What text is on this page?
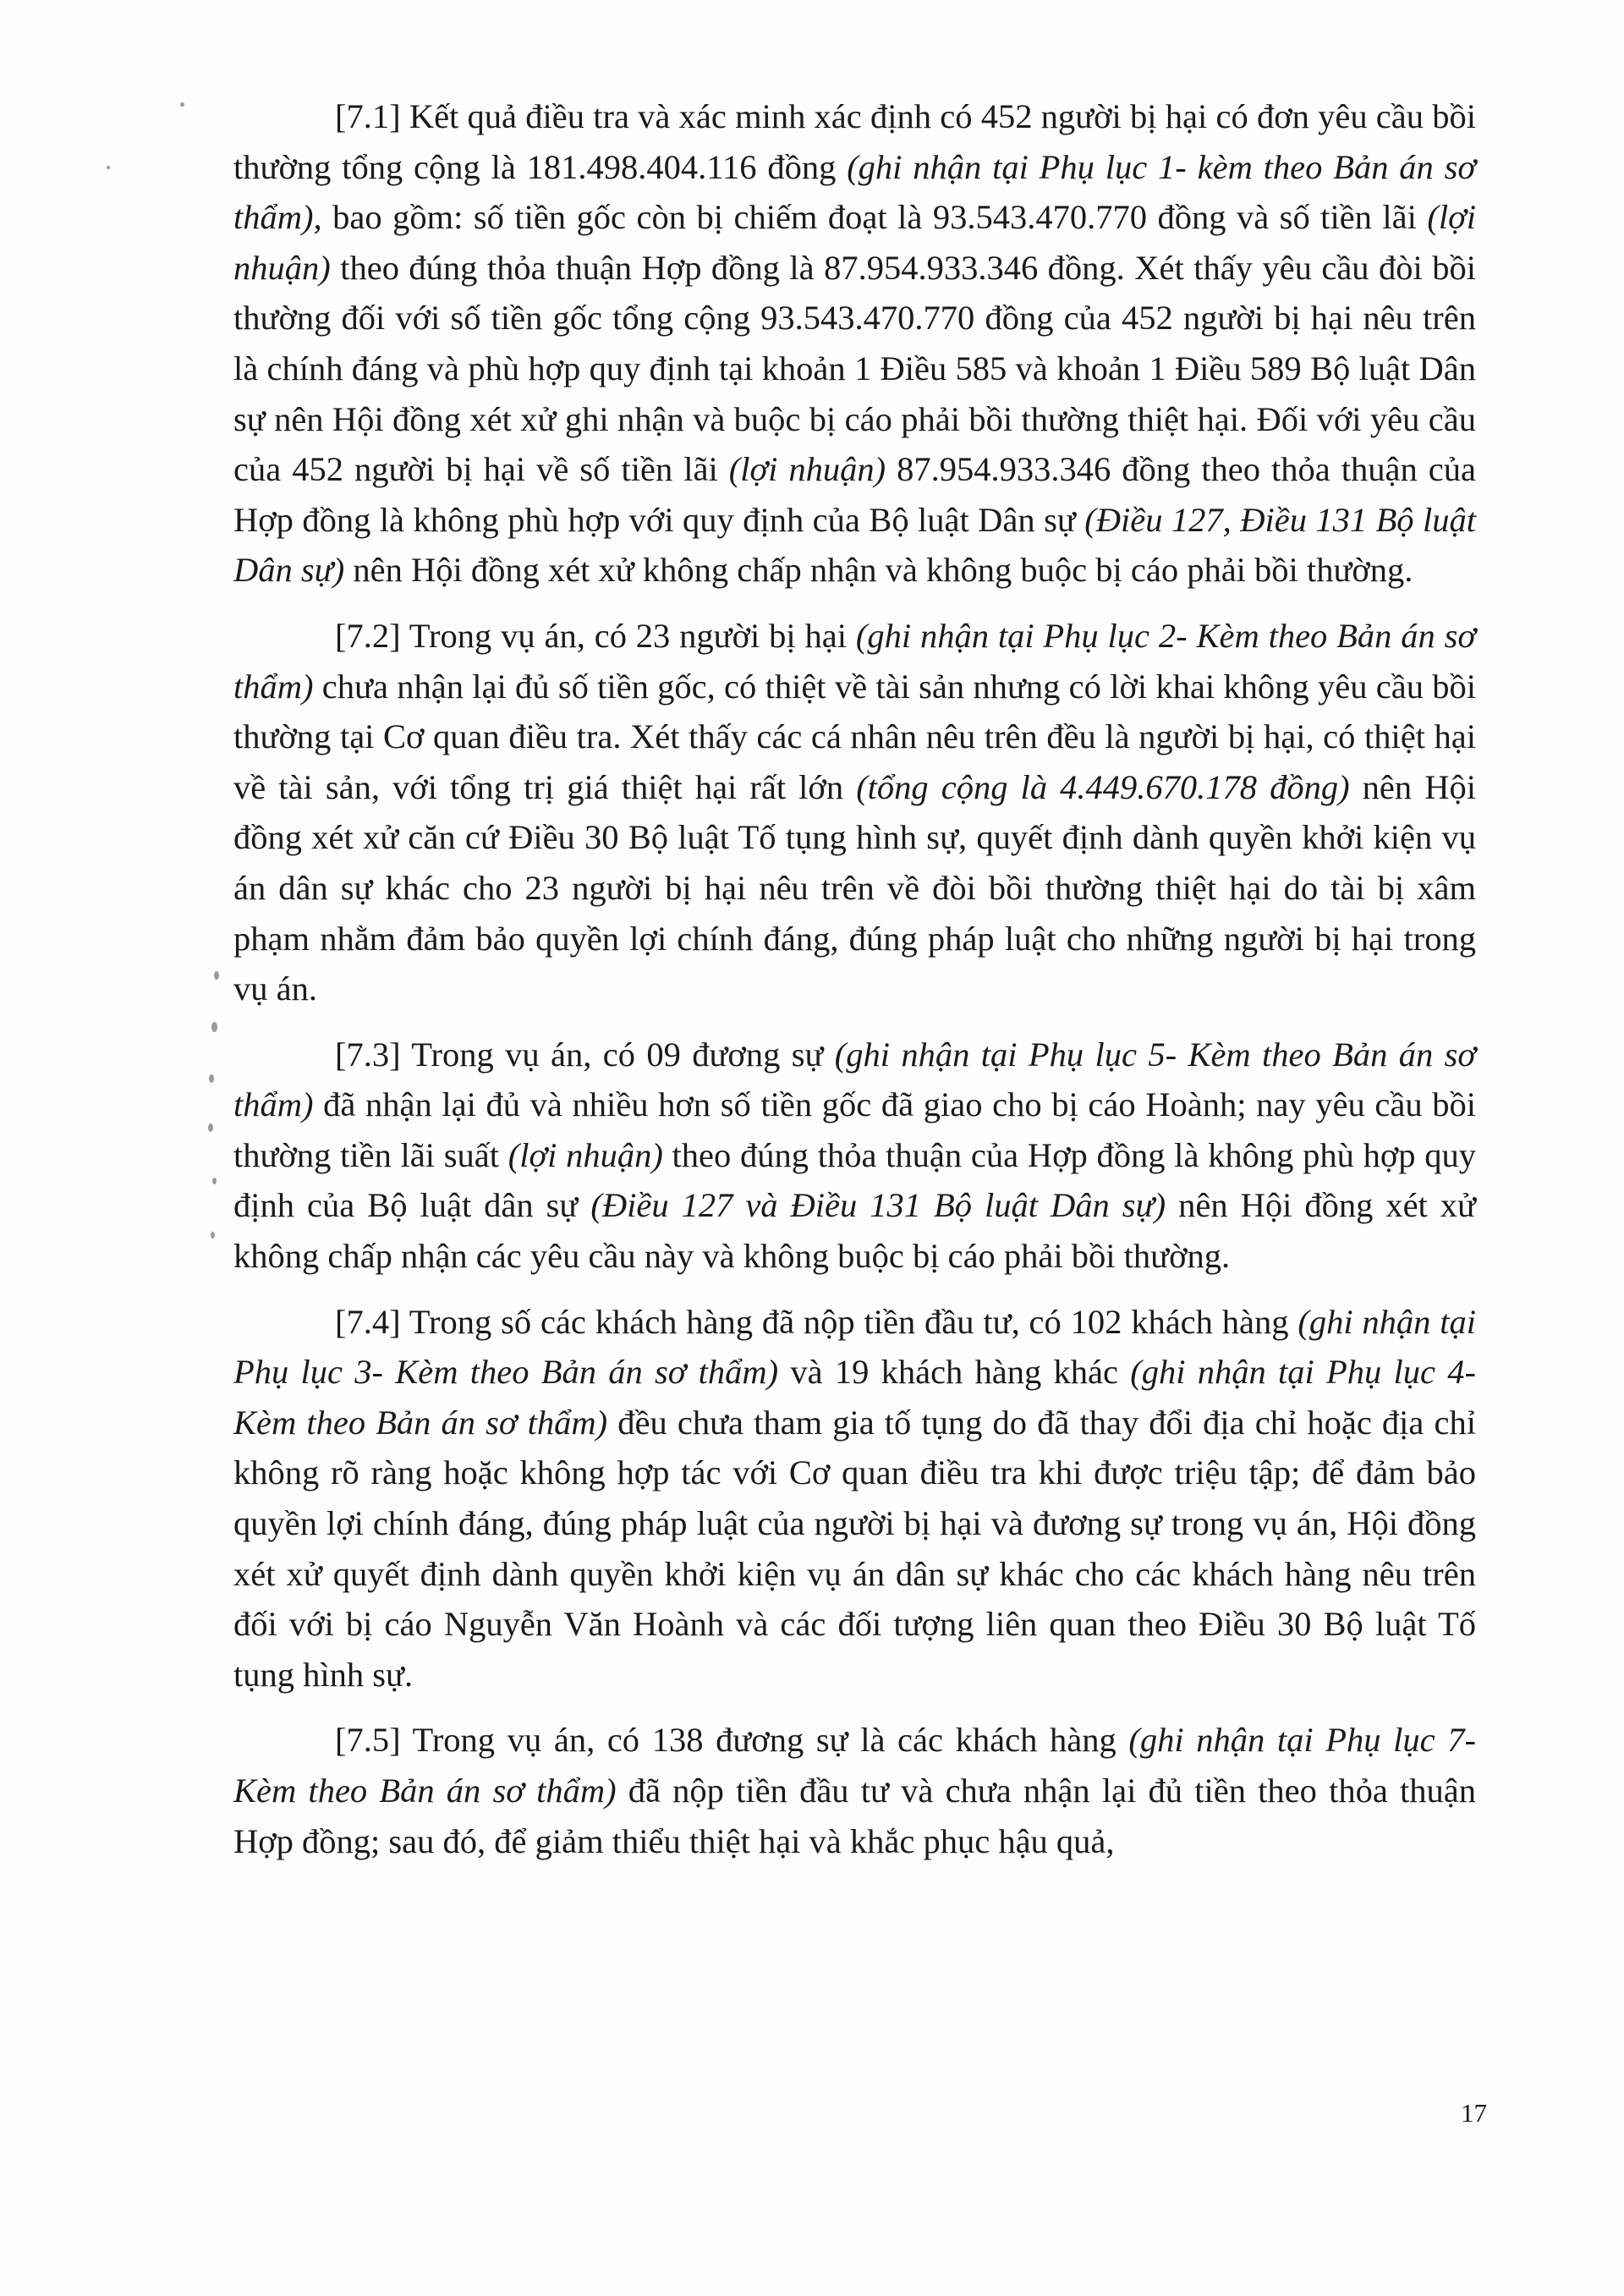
[7.1] Kết quả điều tra và xác minh xác định có 452 người bị hại có đơn yêu cầu bồi thường tổng cộng là 181.498.404.116 đồng (ghi nhận tại Phụ lục 1- kèm theo Bản án sơ thẩm), bao gồm: số tiền gốc còn bị chiếm đoạt là 93.543.470.770 đồng và số tiền lãi (lợi nhuận) theo đúng thỏa thuận Hợp đồng là 87.954.933.346 đồng. Xét thấy yêu cầu đòi bồi thường đối với số tiền gốc tổng cộng 93.543.470.770 đồng của 452 người bị hại nêu trên là chính đáng và phù hợp quy định tại khoản 1 Điều 585 và khoản 1 Điều 589 Bộ luật Dân sự nên Hội đồng xét xử ghi nhận và buộc bị cáo phải bồi thường thiệt hại. Đối với yêu cầu của 452 người bị hại về số tiền lãi (lợi nhuận) 87.954.933.346 đồng theo thỏa thuận của Hợp đồng là không phù hợp với quy định của Bộ luật Dân sự (Điều 127, Điều 131 Bộ luật Dân sự) nên Hội đồng xét xử không chấp nhận và không buộc bị cáo phải bồi thường.

[7.2] Trong vụ án, có 23 người bị hại (ghi nhận tại Phụ lục 2- Kèm theo Bản án sơ thẩm) chưa nhận lại đủ số tiền gốc, có thiệt về tài sản nhưng có lời khai không yêu cầu bồi thường tại Cơ quan điều tra. Xét thấy các cá nhân nêu trên đều là người bị hại, có thiệt hại về tài sản, với tổng trị giá thiệt hại rất lớn (tổng cộng là 4.449.670.178 đồng) nên Hội đồng xét xử căn cứ Điều 30 Bộ luật Tố tụng hình sự, quyết định dành quyền khởi kiện vụ án dân sự khác cho 23 người bị hại nêu trên về đòi bồi thường thiệt hại do tài bị xâm phạm nhằm đảm bảo quyền lợi chính đáng, đúng pháp luật cho những người bị hại trong vụ án.

[7.3] Trong vụ án, có 09 đương sự (ghi nhận tại Phụ lục 5- Kèm theo Bản án sơ thẩm) đã nhận lại đủ và nhiều hơn số tiền gốc đã giao cho bị cáo Hoành; nay yêu cầu bồi thường tiền lãi suất (lợi nhuận) theo đúng thỏa thuận của Hợp đồng là không phù hợp quy định của Bộ luật dân sự (Điều 127 và Điều 131 Bộ luật Dân sự) nên Hội đồng xét xử không chấp nhận các yêu cầu này và không buộc bị cáo phải bồi thường.

[7.4] Trong số các khách hàng đã nộp tiền đầu tư, có 102 khách hàng (ghi nhận tại Phụ lục 3- Kèm theo Bản án sơ thẩm) và 19 khách hàng khác (ghi nhận tại Phụ lục 4- Kèm theo Bản án sơ thẩm) đều chưa tham gia tố tụng do đã thay đổi địa chỉ hoặc địa chỉ không rõ ràng hoặc không hợp tác với Cơ quan điều tra khi được triệu tập; để đảm bảo quyền lợi chính đáng, đúng pháp luật của người bị hại và đương sự trong vụ án, Hội đồng xét xử quyết định dành quyền khởi kiện vụ án dân sự khác cho các khách hàng nêu trên đối với bị cáo Nguyễn Văn Hoành và các đối tượng liên quan theo Điều 30 Bộ luật Tố tụng hình sự.

[7.5] Trong vụ án, có 138 đương sự là các khách hàng (ghi nhận tại Phụ lục 7- Kèm theo Bản án sơ thẩm) đã nộp tiền đầu tư và chưa nhận lại đủ tiền theo thỏa thuận Hợp đồng; sau đó, để giảm thiểu thiệt hại và khắc phục hậu quả,

17
